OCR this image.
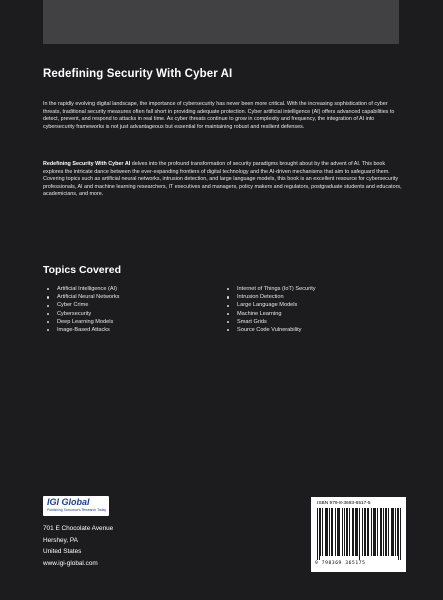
Redefining Security With Cyber AI

In the rapidly evolving digital landscape, the importance of cybersecurity has never been more critical. With the increasing sophistication of cyber threats, traditional security measures often fall short in providing adequate protection. Cyber artificial intelligence (AI) offers advanced capabilities to detect, prevent, and respond to attacks in real time. As cyber threats continue to grow in complexity and frequency, the integration of AI into cybersecurity frameworks is not just advantageous but essential for maintaining robust and resilient defenses.

Redefining Security With Cyber AI delves into the profound transformation of security paradigms brought about by the advent of AI. This book explores the intricate dance between the ever-expanding frontiers of digital technology and the AI-driven mechanisms that aim to safeguard them. Covering topics such as artificial neural networks, intrusion detection, and large language models, this book is an excellent resource for cybersecurity professionals, AI and machine learning researchers, IT executives and managers, policy makers and regulators, postgraduate students and educators, academicians, and more.

Topics Covered
Artificial Intelligence (AI)
Artificial Neural Networks
Cyber Crime
Cybersecurity
Deep Learning Models
Image-Based Attacks
Internet of Things (IoT) Security
Intrusion Detection
Large Language Models
Machine Learning
Smart Grids
Source Code Vulnerability
IGI Global
Publishing Tomorrow's Research Today
701 E Chocolate Avenue
Hershey, PA
United States
www.igi-global.com
ISBN 979-8-3693-6517-5
9 798369 365175
